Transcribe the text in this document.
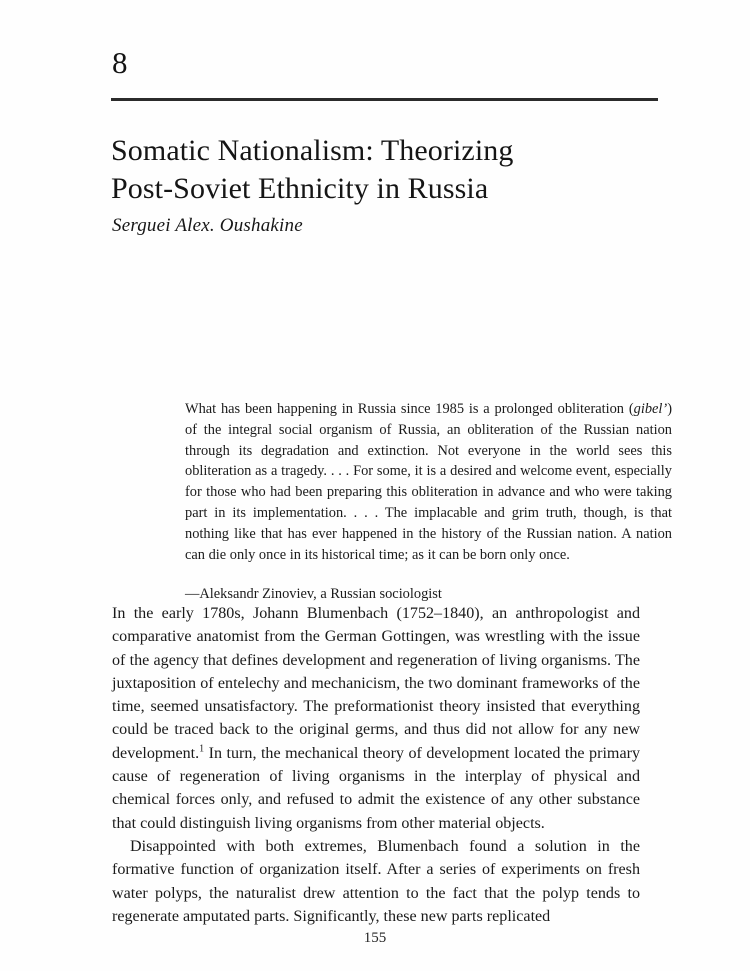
8
Somatic Nationalism: Theorizing
Post-Soviet Ethnicity in Russia
Serguei Alex. Oushakine

What has been happening in Russia since 1985 is a prolonged obliteration (gibel’) of the integral social organism of Russia, an obliteration of the Russian nation through its degradation and extinction. Not everyone in the world sees this obliteration as a tragedy. . . . For some, it is a desired and welcome event, especially for those who had been preparing this obliteration in advance and who were taking part in its implementation. . . . The implacable and grim truth, though, is that nothing like that has ever happened in the history of the Russian nation. A nation can die only once in its historical time; as it can be born only once.

—Aleksandr Zinoviev, a Russian sociologist

In the early 1780s, Johann Blumenbach (1752–1840), an anthropologist and comparative anatomist from the German Gottingen, was wrestling with the issue of the agency that defines development and regeneration of living organisms. The juxtaposition of entelechy and mechanicism, the two dominant frameworks of the time, seemed unsatisfactory. The preformationist theory insisted that everything could be traced back to the original germs, and thus did not allow for any new development.$^1$ In turn, the mechanical theory of development located the primary cause of regeneration of living organisms in the interplay of physical and chemical forces only, and refused to admit the existence of any other substance that could distinguish living organisms from other material objects.

Disappointed with both extremes, Blumenbach found a solution in the formative function of organization itself. After a series of experiments on fresh water polyps, the naturalist drew attention to the fact that the polyp tends to regenerate amputated parts. Significantly, these new parts replicated

155
